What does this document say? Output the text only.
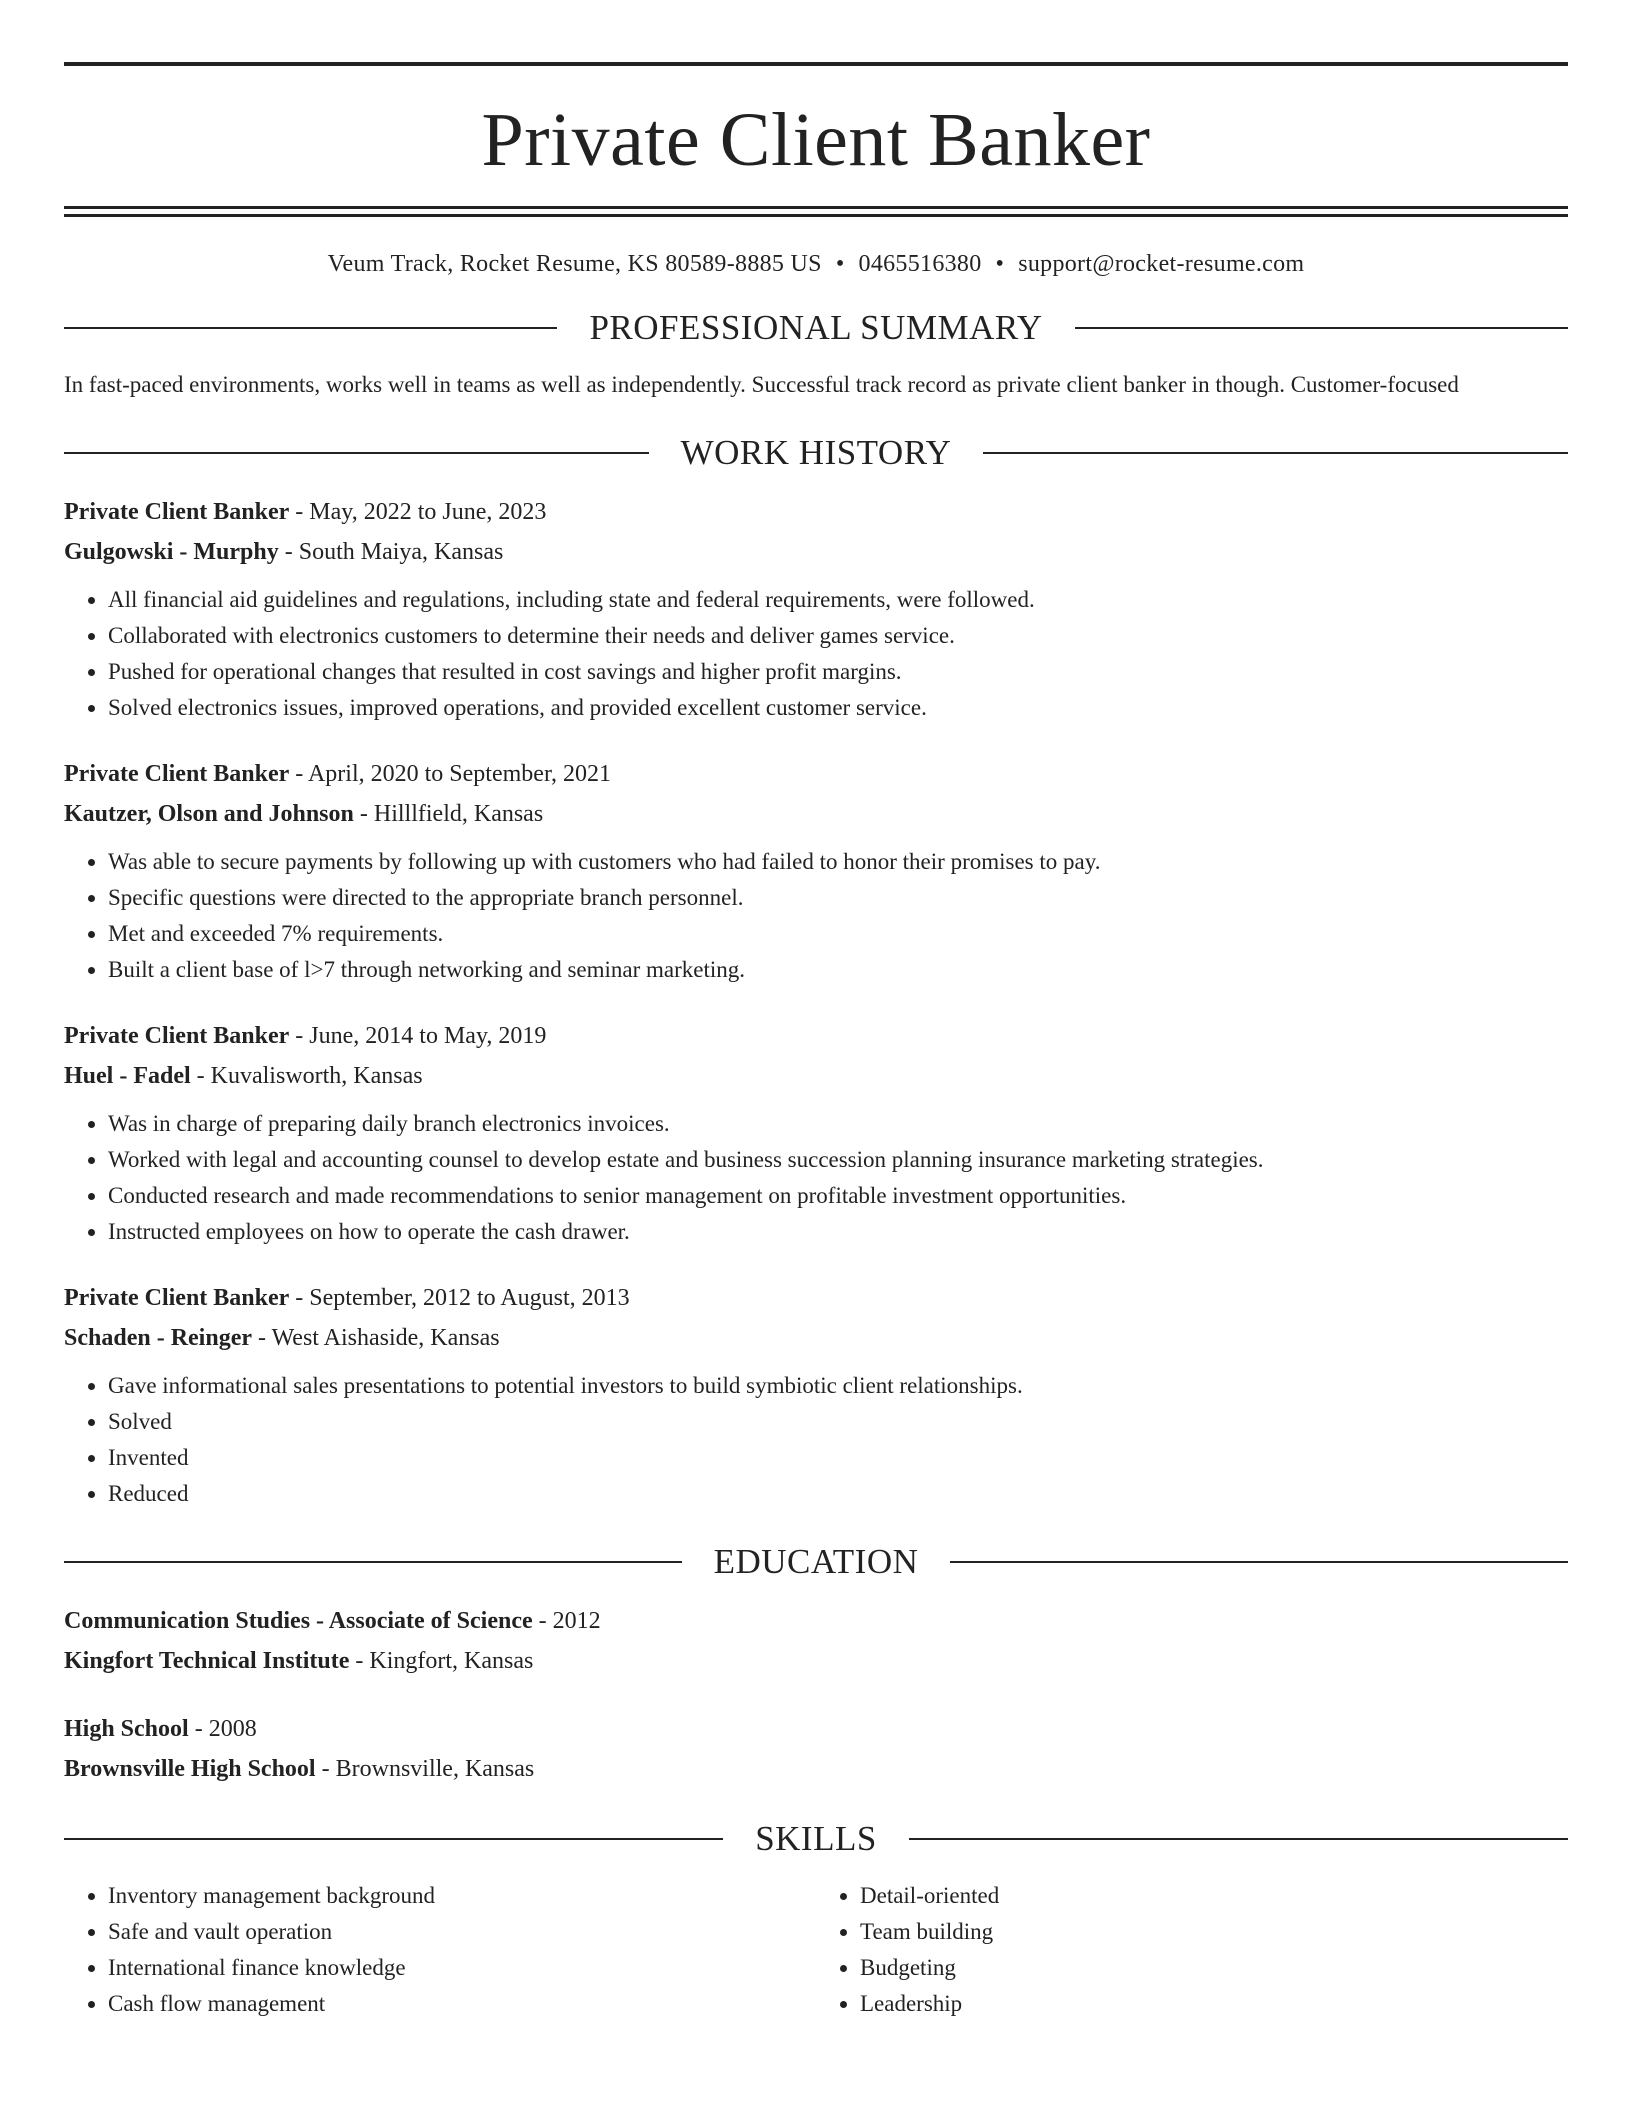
Private Client Banker
Veum Track, Rocket Resume, KS 80589-8885 US • 0465516380 • support@rocket-resume.com
PROFESSIONAL SUMMARY

In fast-paced environments, works well in teams as well as independently. Successful track record as private client banker in though. Customer-focused

WORK HISTORY
Private Client Banker - May, 2022 to June, 2023
Gulgowski - Murphy - South Maiya, Kansas
• All financial aid guidelines and regulations, including state and federal requirements, were followed.
• Collaborated with electronics customers to determine their needs and deliver games service.
• Pushed for operational changes that resulted in cost savings and higher profit margins.
• Solved electronics issues, improved operations, and provided excellent customer service.
Private Client Banker - April, 2020 to September, 2021
Kautzer, Olson and Johnson - Hilllfield, Kansas
• Was able to secure payments by following up with customers who had failed to honor their promises to pay.
• Specific questions were directed to the appropriate branch personnel.
• Met and exceeded 7% requirements.
• Built a client base of l>7 through networking and seminar marketing.
Private Client Banker - June, 2014 to May, 2019
Huel - Fadel - Kuvalisworth, Kansas
• Was in charge of preparing daily branch electronics invoices.
• Worked with legal and accounting counsel to develop estate and business succession planning insurance marketing strategies.
• Conducted research and made recommendations to senior management on profitable investment opportunities.
• Instructed employees on how to operate the cash drawer.
Private Client Banker - September, 2012 to August, 2013
Schaden - Reinger - West Aishaside, Kansas
• Gave informational sales presentations to potential investors to build symbiotic client relationships.
• Solved
• Invented
• Reduced
EDUCATION
Communication Studies - Associate of Science - 2012
Kingfort Technical Institute - Kingfort, Kansas
High School - 2008
Brownsville High School - Brownsville, Kansas
SKILLS
• Inventory management background
• Safe and vault operation
• International finance knowledge
• Cash flow management
• Detail-oriented
• Team building
• Budgeting
• Leadership
